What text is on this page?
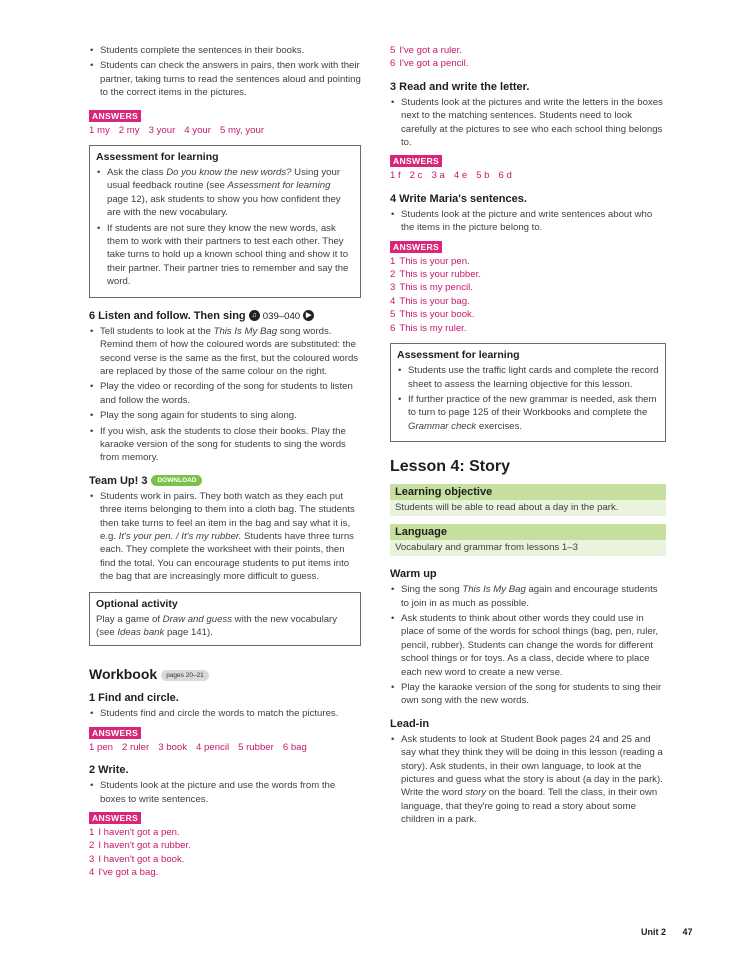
• Students complete the sentences in their books.
• Students can check the answers in pairs, then work with their partner, taking turns to read the sentences aloud and pointing to the correct items in the pictures.
ANSWERS
1 my 2 my 3 your 4 your 5 my, your
Assessment for learning
• Ask the class Do you know the new words? Using your usual feedback routine (see Assessment for learning page 12), ask students to show you how confident they are with the new vocabulary.
• If students are not sure they know the new words, ask them to work with their partners to test each other. They take turns to hold up a known school thing and show it to their partner. Their partner tries to remember and say the word.
6 Listen and follow. Then sing ♫ 039–040 ▶
• Tell students to look at the This Is My Bag song words. Remind them of how the coloured words are substituted: the second verse is the same as the first, but the coloured words are replaced by those of the same colour on the right.
• Play the video or recording of the song for students to listen and follow the words.
• Play the song again for students to sing along.
• If you wish, ask the students to close their books. Play the karaoke version of the song for students to sing the words from memory.
Team Up! 3 DOWNLOAD
• Students work in pairs. They both watch as they each put three items belonging to them into a cloth bag. The students then take turns to feel an item in the bag and say what it is, e.g. It's your pen. / It's my rubber. Students have three turns each. They complete the worksheet with their points, then find the total. You can encourage students to put items into the bag that are increasingly more difficult to guess.
Optional activity
Play a game of Draw and guess with the new vocabulary (see Ideas bank page 141).
Workbook pages 20–21
1 Find and circle.
• Students find and circle the words to match the pictures.
ANSWERS
1 pen 2 ruler 3 book 4 pencil 5 rubber 6 bag
2 Write.
• Students look at the picture and use the words from the boxes to write sentences.
ANSWERS
1 I haven't got a pen.
2 I haven't got a rubber.
3 I haven't got a book.
4 I've got a bag.
5 I've got a ruler.
6 I've got a pencil.
3 Read and write the letter.
• Students look at the pictures and write the letters in the boxes next to the matching sentences. Students need to look carefully at the pictures to see who each school thing belongs to.
ANSWERS
1 f 2 c 3 a 4 e 5 b 6 d
4 Write Maria's sentences.
• Students look at the picture and write sentences about who the items in the picture belong to.
ANSWERS
1 This is your pen.
2 This is your rubber.
3 This is my pencil.
4 This is your bag.
5 This is your book.
6 This is my ruler.
Assessment for learning
• Students use the traffic light cards and complete the record sheet to assess the learning objective for this lesson.
• If further practice of the new grammar is needed, ask them to turn to page 125 of their Workbooks and complete the Grammar check exercises.
Lesson 4: Story
Learning objective
Students will be able to read about a day in the park.
Language
Vocabulary and grammar from lessons 1–3
Warm up
• Sing the song This Is My Bag again and encourage students to join in as much as possible.
• Ask students to think about other words they could use in place of some of the words for school things (bag, pen, ruler, pencil, rubber). Students can change the words for different school things or for toys. As a class, decide where to place each new word to create a new verse.
• Play the karaoke version of the song for students to sing their own song with the new words.
Lead-in
• Ask students to look at Student Book pages 24 and 25 and say what they think they will be doing in this lesson (reading a story). Ask students, in their own language, to look at the pictures and guess what the story is about (a day in the park). Write the word story on the board. Tell the class, in their own language, that they're going to read a story about some children in a park.
Unit 2 47
